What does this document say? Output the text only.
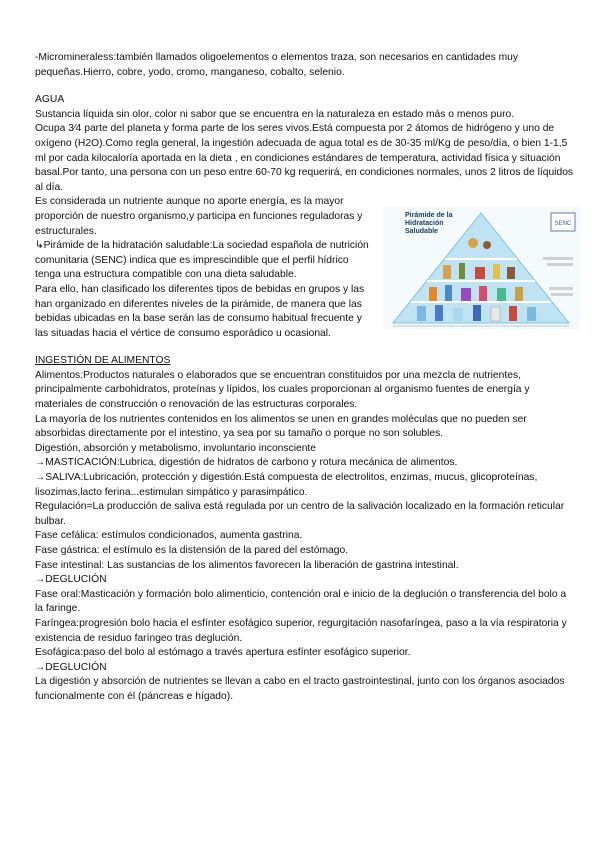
-Micromineraless:también llamados oligoelementos o elementos traza, son necesarios en cantidades muy pequeñas.Hierro, cobre, yodo, cromo, manganeso, cobalto, selenio.

AGUA

Sustancia líquida sin olor, color ni sabor que se encuentra en la naturaleza en estado más o menos puro.

Ocupa 3⁄4 parte del planeta y forma parte de los seres vivos.Está compuesta por 2 átomos de hidrógeno y uno de oxígeno (H2O).Como regla general, la ingestión adecuada de agua total es de 30-35 ml/Kg de peso/día, o bien 1-1,5 ml por cada kilocaloría aportada en la dieta , en condiciones estándares de temperatura, actividad física y situación basal.Por tanto, una persona con un peso entre 60-70 kg requerirá, en condiciones normales, unos 2 litros de líquidos al día.

Es considerada un nutriente aunque no aporte energía, es la mayor proporción de nuestro organismo,y participa en funciones reguladoras y estructurales.

↳Pirámide de la hidratación saludable:La sociedad española de nutrición comunitaria (SENC) indica que es imprescindible que el perfil hídrico tenga una estructura compatible con una dieta saludable.

Para ello, han clasificado los diferentes tipos de bebidas en grupos y las han organizado en diferentes niveles de la pirámide, de manera que las bebidas ubicadas en la base serán las de consumo habitual frecuente y las situadas hacia el vértice de consumo esporádico u ocasional.

INGESTIÓN DE ALIMENTOS

Alimentos:Productos naturales o elaborados que se encuentran constituidos por una mezcla de nutrientes, principalmente carbohidratos, proteínas y lípidos, los cuales proporcionan al organismo fuentes de energía y materiales de construcción o renovación de las estructuras corporales.

La mayoría de los nutrientes contenidos en los alimentos se unen en grandes moléculas que no pueden ser absorbidas directamente por el intestino, ya sea por su tamaño o porque no son solubles.

Digestión, absorción y metabolismo, involuntario inconsciente

→MASTICACIÓN:Lubrica, digestión de hidratos de carbono y rotura mecánica de alimentos.

→SALIVA:Lubricación, protección y digestión.Está compuesta de electrolitos, enzimas, mucus, glicoproteínas, lisozimas,lacto ferina...estimulan simpático y parasimpático.

Regulación=La producción de saliva está regulada por un centro de la salivación localizado en la formación reticular bulbar.

Fase cefálica: estímulos condicionados, aumenta gastrina.

Fase gástrica: el estímulo es la distensión de la pared del estómago.

Fase intestinal: Las sustancias de los alimentos favorecen la liberación de gastrina intestinal.

→DEGLUCIÓN

Fase oral:Masticación y formación bolo alimenticio, contención oral e inicio de la deglución o transferencia del bolo a la faringe.

Faríngea:progresión bolo hacia el esfínter esofágico superior, regurgitación nasofaríngea, paso a la vía respiratoria y existencia de residuo faríngeo tras deglución.

Esofágica:paso del bolo al estómago a través apertura esfínter esofágico superior.

→DEGLUCIÓN

La digestión y absorción de nutrientes se llevan a cabo en el tracto gastrointestinal, junto con los órganos asociados funcionalmente con él (páncreas e hígado).

SENC
Pirámide de la
Hidratación
Saludable
